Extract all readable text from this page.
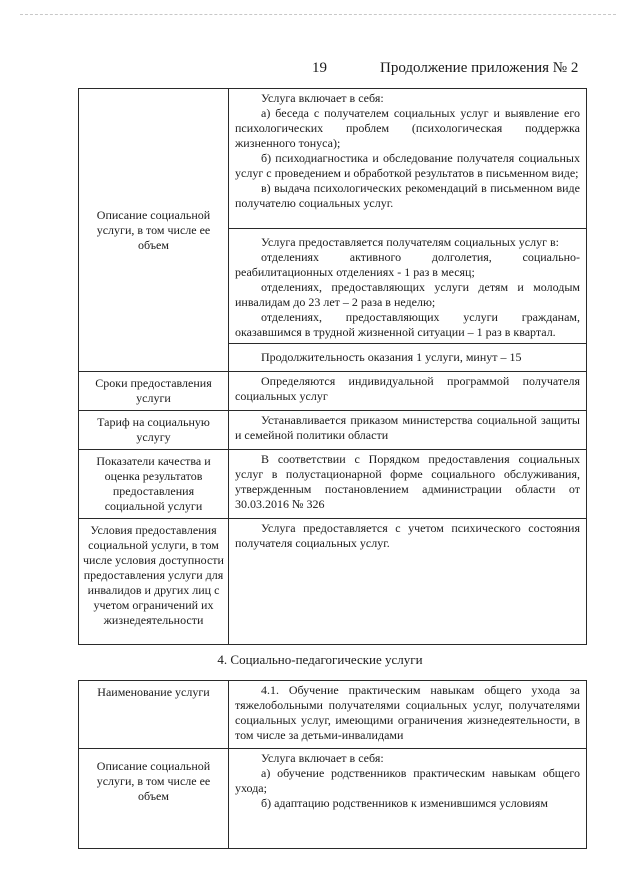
19	Продолжение приложения № 2
Описание социальной услуги, в том числе ее объем	Услуга включает в себя:
а) беседа с получателем социальных услуг и выявление его психологических проблем (психологическая поддержка жизненного тонуса);
б) психодиагностика и обследование получателя социальных услуг с проведением и обработкой результатов в письменном виде;
в) выдача психологических рекомендаций в письменном виде получателю социальных услуг.

	Услуга предоставляется получателям социальных услуг в:
отделениях активного долголетия, социально-реабилитационных отделениях - 1 раз в месяц;
отделениях, предоставляющих услуги детям и молодым инвалидам до 23 лет – 2 раза в неделю;
отделениях, предоставляющих услуги гражданам, оказавшимся в трудной жизненной ситуации – 1 раз в квартал.

	Продолжительность оказания 1 услуги, минут – 15

Сроки предоставления услуги	Определяются индивидуальной программой получателя социальных услуг

Тариф на социальную услугу	Устанавливается приказом министерства социальной защиты и семейной политики области

Показатели качества и оценка результатов предоставления социальной услуги	В соответствии с Порядком предоставления социальных услуг в полустационарной форме социального обслуживания, утвержденным постановлением администрации области от 30.03.2016 № 326

Условия предоставления социальной услуги, в том числе условия доступности предоставления услуги для инвалидов и других лиц с учетом ограничений их жизнедеятельности	Услуга предоставляется с учетом психического состояния получателя социальных услуг.
4. Социально-педагогические услуги
Наименование услуги	4.1. Обучение практическим навыкам общего ухода за тяжелобольными получателями социальных услуг, получателями социальных услуг, имеющими ограничения жизнедеятельности, в том числе за детьми-инвалидами

Описание социальной услуги, в том числе ее объем	Услуга включает в себя:
а) обучение родственников практическим навыкам общего ухода;
б) адаптацию родственников к изменившимся условиям
